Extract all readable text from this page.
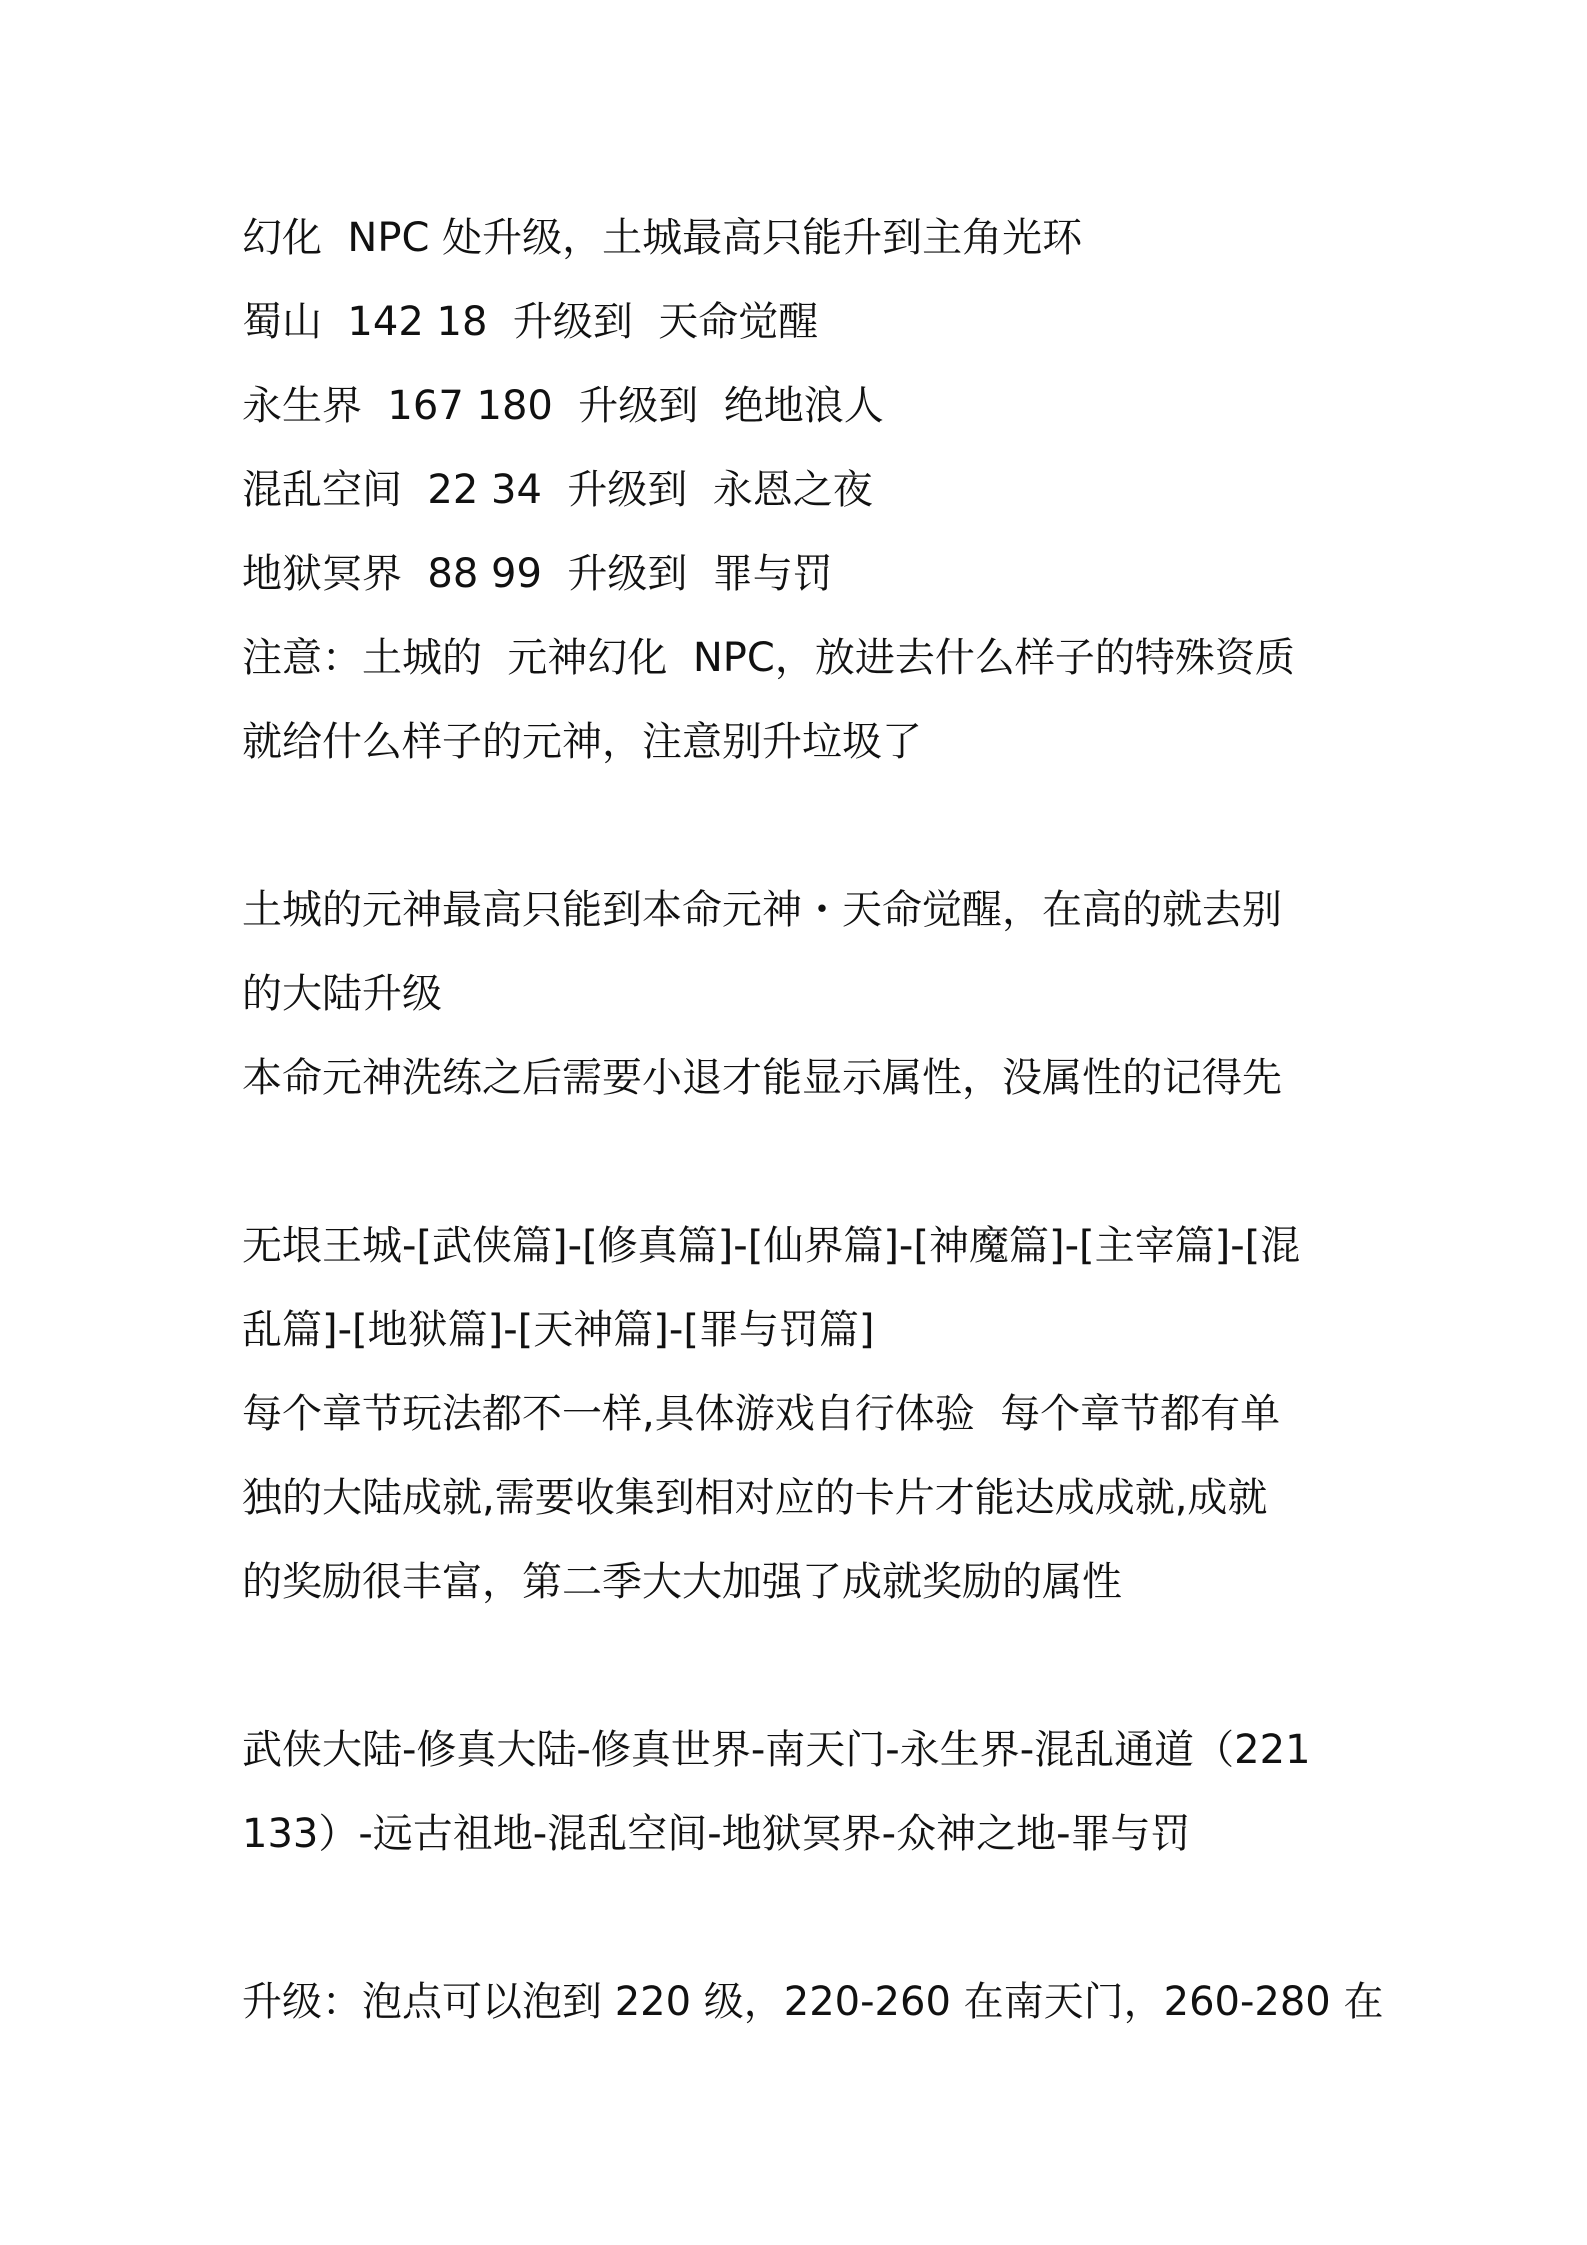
幻化  NPC 处升级，土城最高只能升到主角光环
蜀山  142 18  升级到  天命觉醒
永生界  167 180  升级到  绝地浪人
混乱空间  22 34  升级到  永恩之夜
地狱冥界  88 99  升级到  罪与罚
注意：土城的  元神幻化  NPC，放进去什么样子的特殊资质
就给什么样子的元神，注意别升垃圾了
土城的元神最高只能到本命元神・天命觉醒，在高的就去别
的大陆升级
本命元神洗练之后需要小退才能显示属性，没属性的记得先
无垠王城-[武侠篇]-[修真篇]-[仙界篇]-[神魔篇]-[主宰篇]-[混
乱篇]-[地狱篇]-[天神篇]-[罪与罚篇]
每个章节玩法都不一样,具体游戏自行体验  每个章节都有单
独的大陆成就,需要收集到相对应的卡片才能达成成就,成就
的奖励很丰富，第二季大大加强了成就奖励的属性
武侠大陆-修真大陆-修真世界-南天门-永生界-混乱通道（221
133）-远古祖地-混乱空间-地狱冥界-众神之地-罪与罚
升级：泡点可以泡到 220 级，220-260 在南天门，260-280 在
